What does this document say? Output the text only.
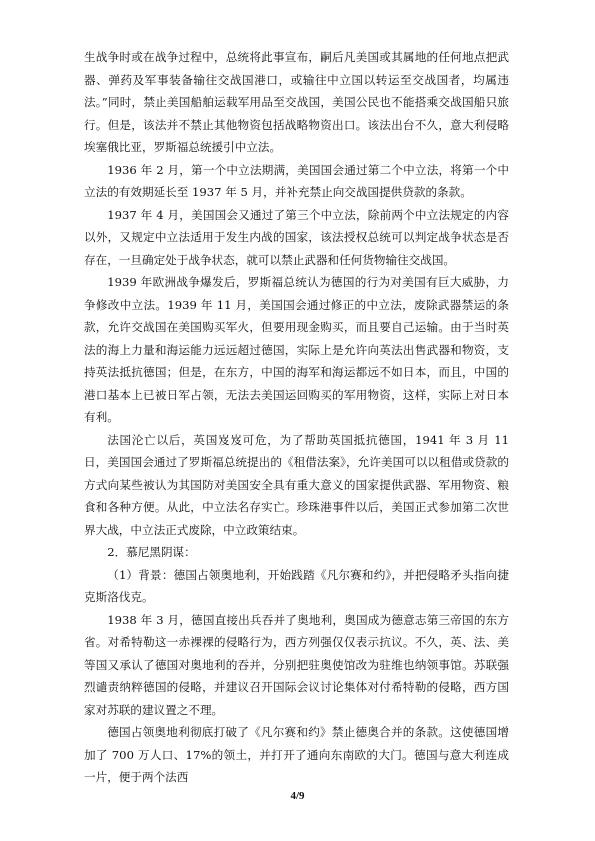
生战争时或在战争过程中，总统将此事宣布，嗣后凡美国或其属地的任何地点把武器、弹药及军事装备输往交战国港口，或输往中立国以转运至交战国者，均属违法。”同时，禁止美国船舶运载军用品至交战国，美国公民也不能搭乘交战国船只旅行。但是，该法并不禁止其他物资包括战略物资出口。该法出台不久，意大利侵略埃塞俄比亚，罗斯福总统援引中立法。

1936 年 2 月，第一个中立法期满，美国国会通过第二个中立法，将第一个中立法的有效期延长至 1937 年 5 月，并补充禁止向交战国提供贷款的条款。

1937 年 4 月，美国国会又通过了第三个中立法，除前两个中立法规定的内容以外，又规定中立法适用于发生内战的国家，该法授权总统可以判定战争状态是否存在，一旦确定处于战争状态，就可以禁止武器和任何货物输往交战国。

1939 年欧洲战争爆发后，罗斯福总统认为德国的行为对美国有巨大威胁，力争修改中立法。1939 年 11 月，美国国会通过修正的中立法，废除武器禁运的条款，允许交战国在美国购买军火，但要用现金购买，而且要自己运输。由于当时英法的海上力量和海运能力远远超过德国，实际上是允许向英法出售武器和物资，支持英法抵抗德国；但是，在东方，中国的海军和海运都远不如日本，而且，中国的港口基本上已被日军占领，无法去美国运回购买的军用物资，这样，实际上对日本有利。

法国沦亡以后，英国岌岌可危，为了帮助英国抵抗德国，1941 年 3 月 11 日，美国国会通过了罗斯福总统提出的《租借法案》，允许美国可以以租借或贷款的方式向某些被认为其国防对美国安全具有重大意义的国家提供武器、军用物资、粮食和各种方便。从此，中立法名存实亡。珍珠港事件以后，美国正式参加第二次世界大战，中立法正式废除，中立政策结束。

2．慕尼黑阴谋：

（1）背景：德国占领奥地利，开始践踏《凡尔赛和约》，并把侵略矛头指向捷克斯洛伐克。

1938 年 3 月，德国直接出兵吞并了奥地利，奥国成为德意志第三帝国的东方省。对希特勒这一赤裸裸的侵略行为，西方列强仅仅表示抗议。不久，英、法、美等国又承认了德国对奥地利的吞并，分别把驻奥使馆改为驻维也纳领事馆。苏联强烈谴责纳粹德国的侵略，并建议召开国际会议讨论集体对付希特勒的侵略，西方国家对苏联的建议置之不理。

德国占领奥地利彻底打破了《凡尔赛和约》禁止德奥合并的条款。这使德国增加了 700 万人口、17%的领土，并打开了通向东南欧的大门。德国与意大利连成一片，便于两个法西

4/9
